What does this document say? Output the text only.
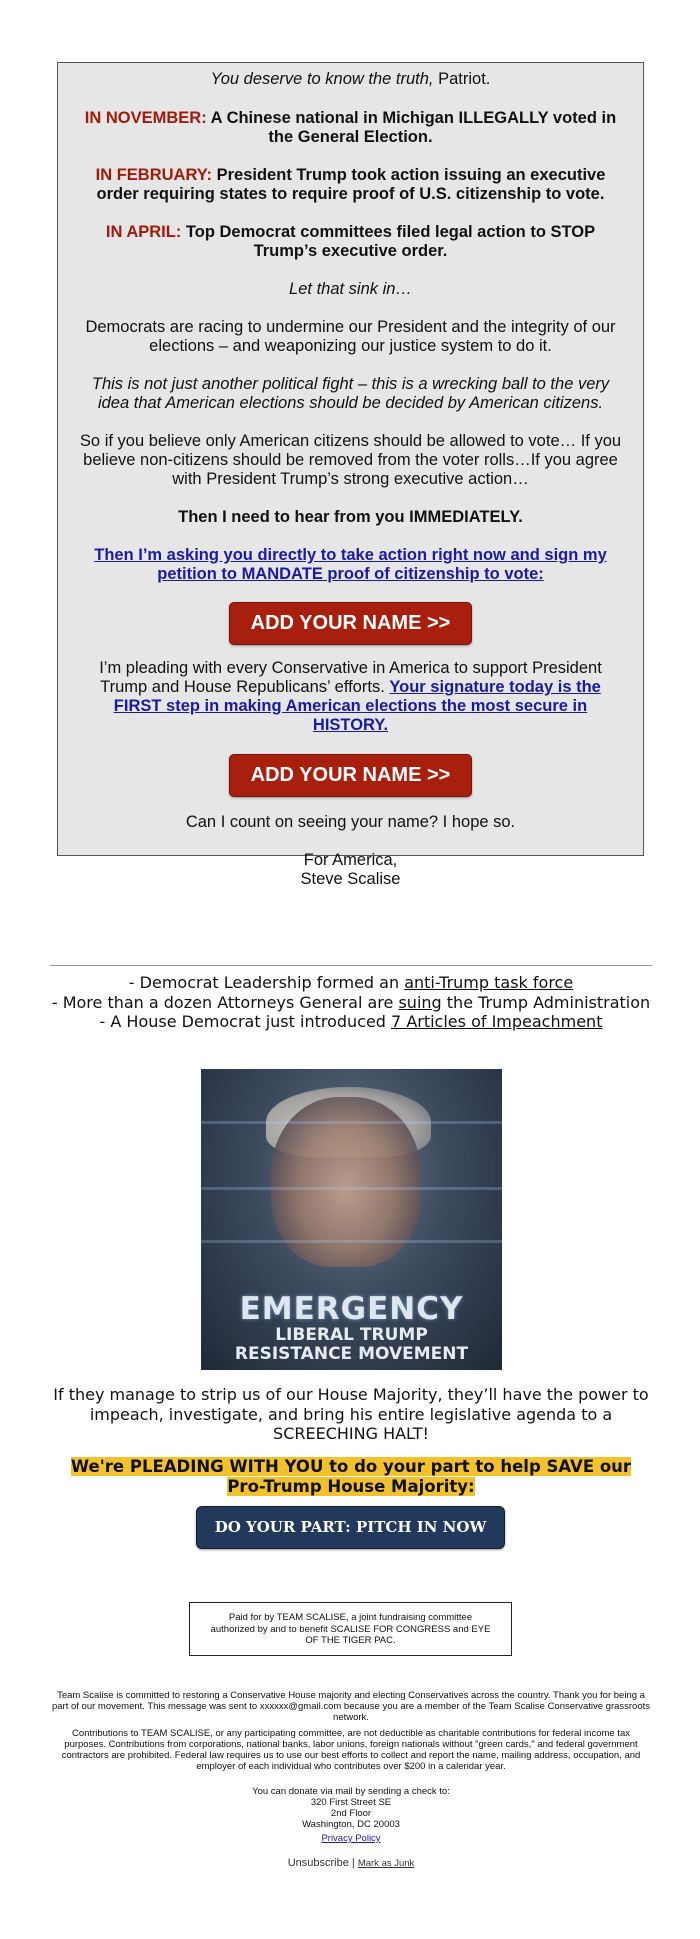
You deserve to know the truth, Patriot.

IN NOVEMBER: A Chinese national in Michigan ILLEGALLY voted in the General Election.

IN FEBRUARY: President Trump took action issuing an executive order requiring states to require proof of U.S. citizenship to vote.

IN APRIL: Top Democrat committees filed legal action to STOP Trump’s executive order.

Let that sink in…

Democrats are racing to undermine our President and the integrity of our elections – and weaponizing our justice system to do it.

This is not just another political fight – this is a wrecking ball to the very idea that American elections should be decided by American citizens.

So if you believe only American citizens should be allowed to vote… If you believe non-citizens should be removed from the voter rolls…If you agree with President Trump’s strong executive action…

Then I need to hear from you IMMEDIATELY.

Then I’m asking you directly to take action right now and sign my petition to MANDATE proof of citizenship to vote:

ADD YOUR NAME >>

I’m pleading with every Conservative in America to support President Trump and House Republicans’ efforts. Your signature today is the FIRST step in making American elections the most secure in HISTORY.

ADD YOUR NAME >>

Can I count on seeing your name? I hope so.

For America,
Steve Scalise

- Democrat Leadership formed an anti-Trump task force
- More than a dozen Attorneys General are suing the Trump Administration
- A House Democrat just introduced 7 Articles of Impeachment
EMERGENCY
LIBERAL TRUMP
RESISTANCE MOVEMENT
If they manage to strip us of our House Majority, they’ll have the power to impeach, investigate, and bring his entire legislative agenda to a SCREECHING HALT!
We're PLEADING WITH YOU to do your part to help SAVE our Pro-Trump House Majority:
DO YOUR PART: PITCH IN NOW
Paid for by TEAM SCALISE, a joint fundraising committee authorized by and to benefit SCALISE FOR CONGRESS and EYE OF THE TIGER PAC.
Team Scalise is committed to restoring a Conservative House majority and electing Conservatives across the country. Thank you for being a part of our movement. This message was sent to xxxxxx@gmail.com because you are a member of the Team Scalise Conservative grassroots network.
Contributions to TEAM SCALISE, or any participating committee, are not deductible as charitable contributions for federal income tax purposes. Contributions from corporations, national banks, labor unions, foreign nationals without "green cards," and federal government contractors are prohibited. Federal law requires us to use our best efforts to collect and report the name, mailing address, occupation, and employer of each individual who contributes over $200 in a calendar year.

You can donate via mail by sending a check to:

320 First Street SE

2nd Floor

Washington, DC 20003

Privacy Policy
Unsubscribe | Mark as Junk
